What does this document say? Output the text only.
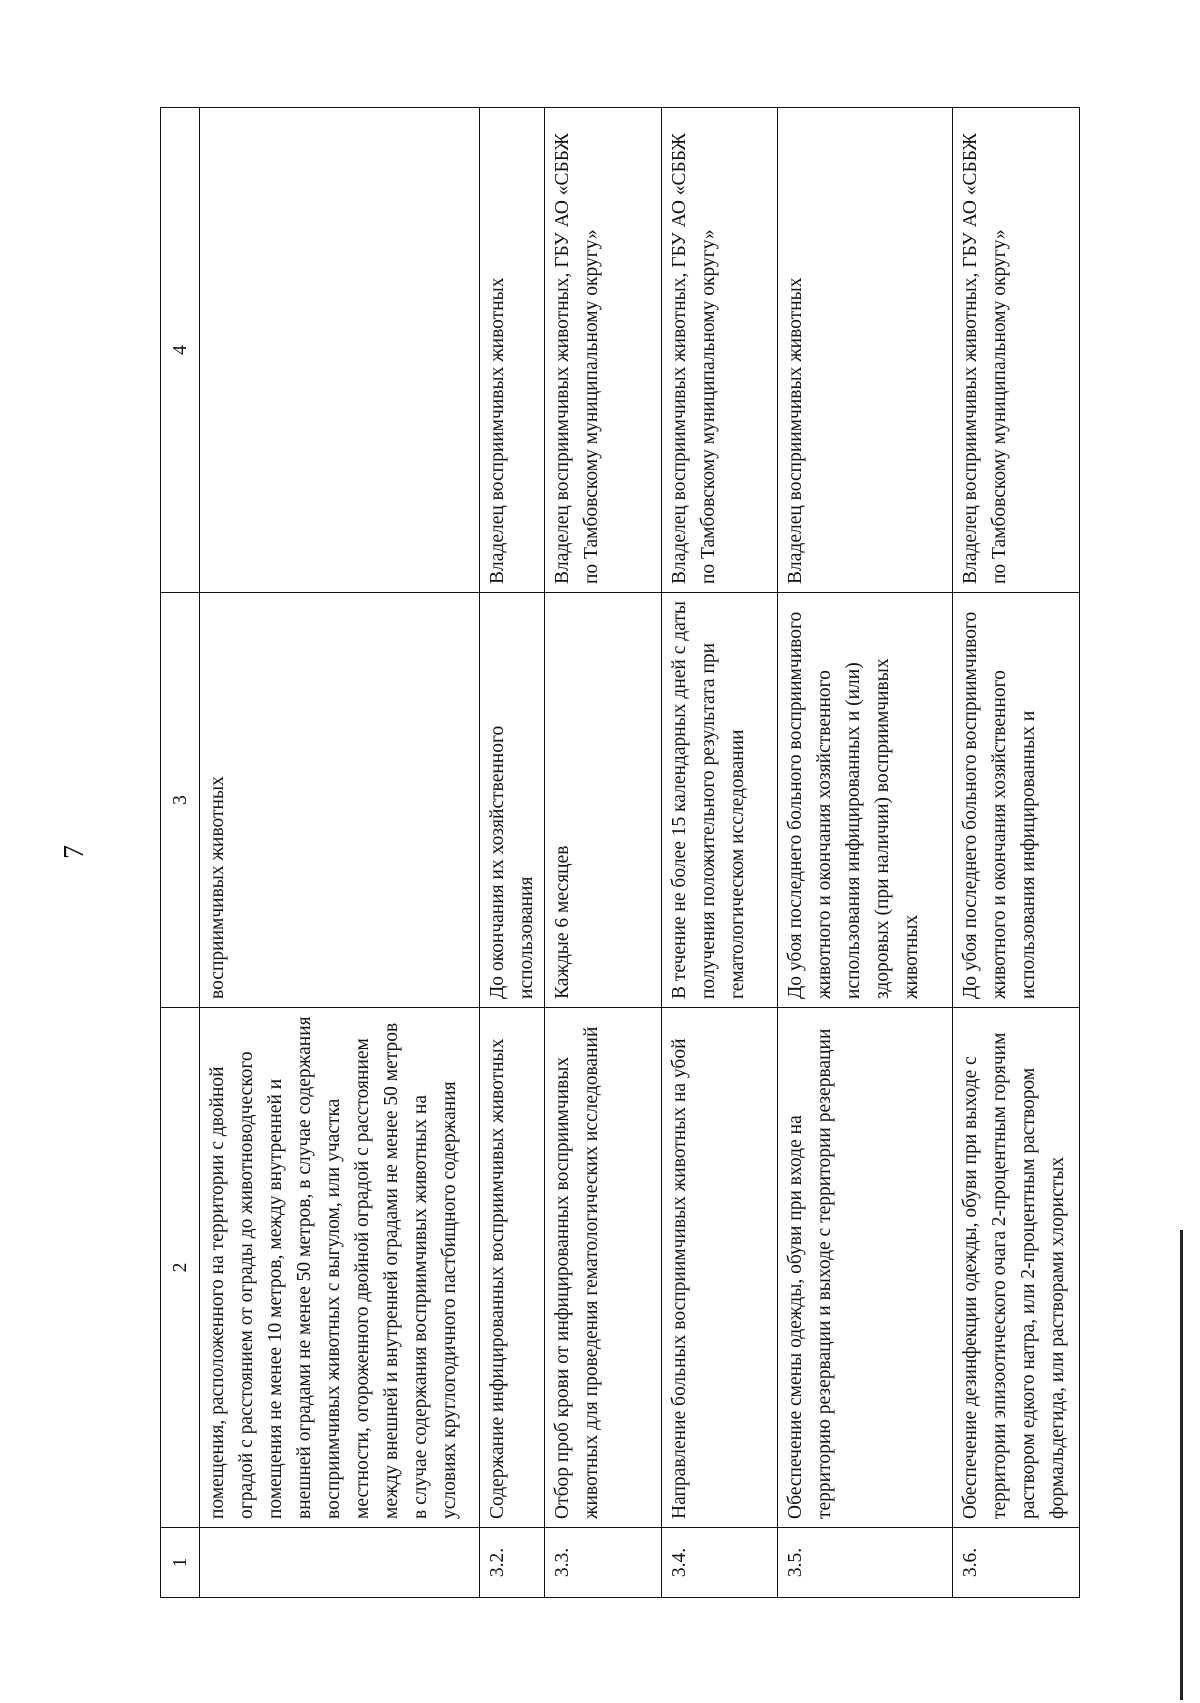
7
1	2	3	4
	помещения, расположенного на территории с двойной оградой с расстоянием от ограды до животноводческого помещения не менее 10 метров, между внутренней и внешней оградами не менее 50 метров, в случае содержания восприимчивых животных с выгулом, или участка местности, огороженного двойной оградой с расстоянием между внешней и внутренней оградами не менее 50 метров в случае содержания восприимчивых животных на условиях круглогодичного пастбищного содержания	восприимчивых животных	
3.2.	Содержание инфицированных восприимчивых животных	До окончания их хозяйственного использования	Владелец восприимчивых животных
3.3.	Отбор проб крови от инфицированных восприимчивых животных для проведения гематологических исследований	Каждые 6 месяцев	Владелец восприимчивых животных, ГБУ АО «СББЖ по Тамбовскому муниципальному округу»
3.4.	Направление больных восприимчивых животных на убой	В течение не более 15 календарных дней с даты получения положительного результата при гематологическом исследовании	Владелец восприимчивых животных, ГБУ АО «СББЖ по Тамбовскому муниципальному округу»
3.5.	Обеспечение смены одежды, обуви при входе на территорию резервации и выходе с территории резервации	До убоя последнего больного восприимчивого животного и окончания хозяйственного использования инфицированных и (или) здоровых (при наличии) восприимчивых животных	Владелец восприимчивых животных
3.6.	Обеспечение дезинфекции одежды, обуви при выходе с территории эпизоотического очага 2-процентным горячим раствором едкого натра, или 2-процентным раствором формальдегида, или растворами хлористых	До убоя последнего больного восприимчивого животного и окончания хозяйственного использования инфицированных и	Владелец восприимчивых животных, ГБУ АО «СББЖ по Тамбовскому муниципальному округу»
